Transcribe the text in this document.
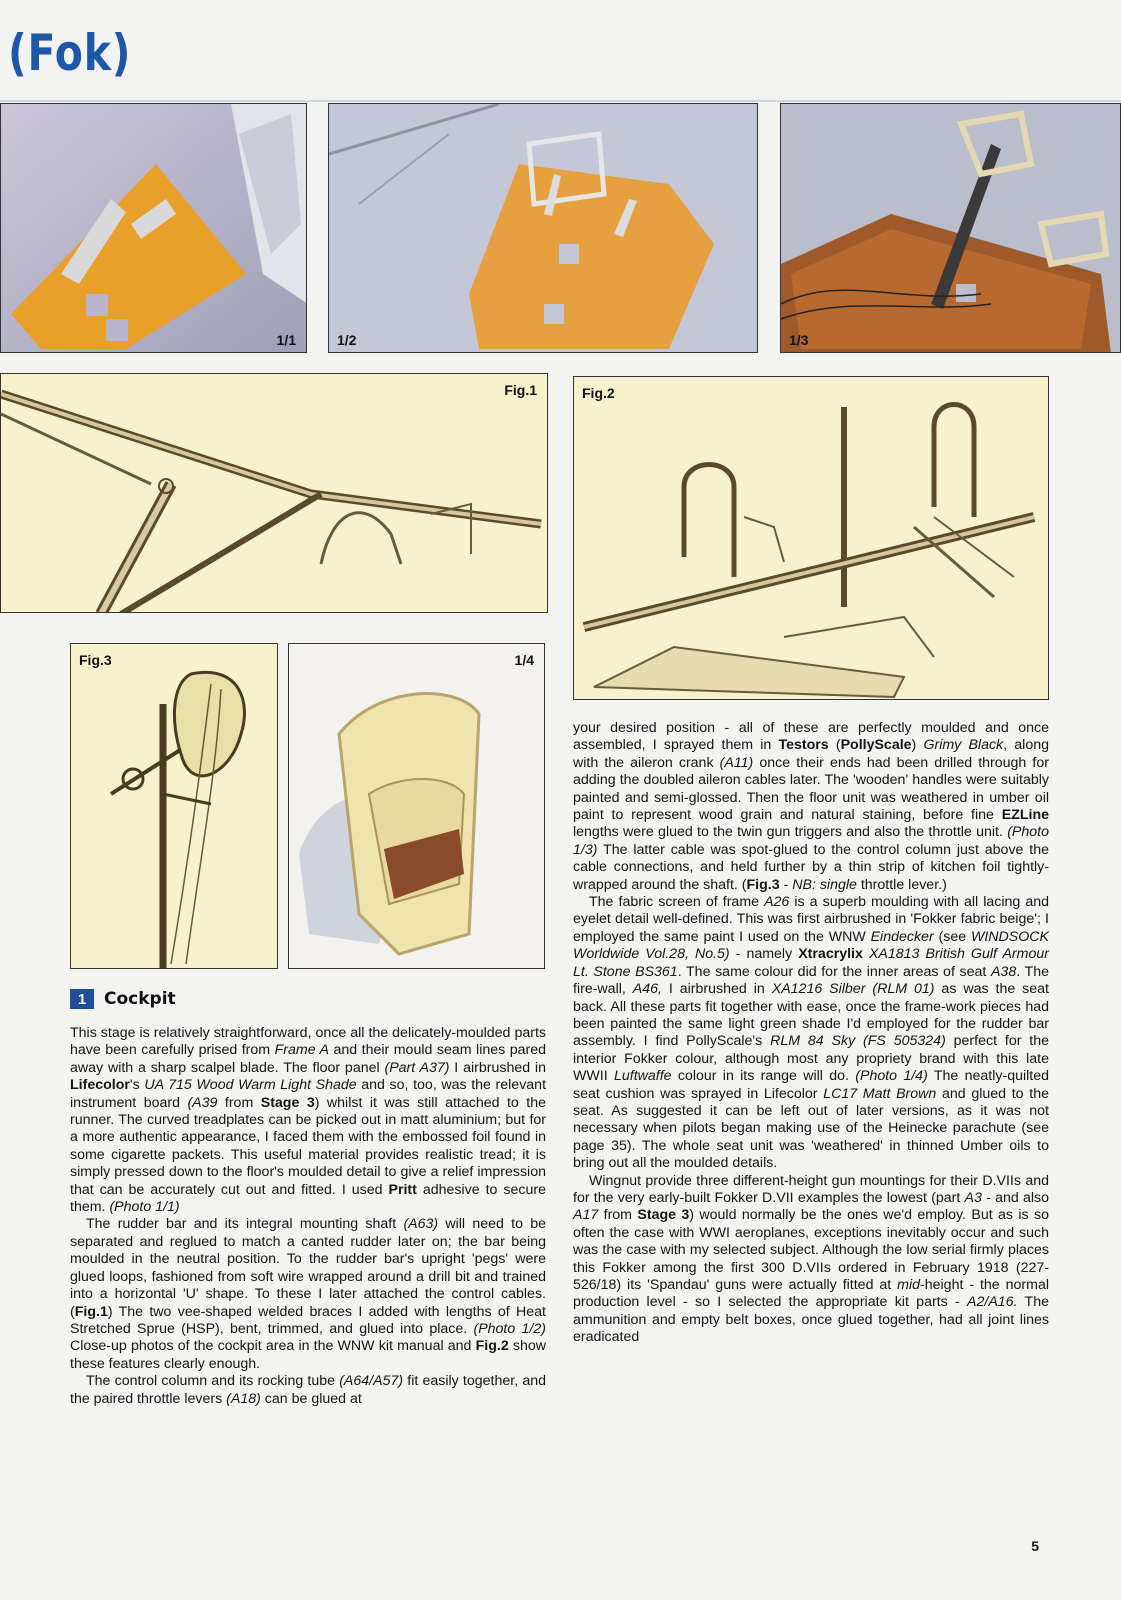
(Fok)
1/1	1/2	1/3
Fig.1	Fig.2
Fig.3	1/4
1	Cockpit

This stage is relatively straightforward, once all the delicately-moulded parts have been carefully prised from Frame A and their mould seam lines pared away with a sharp scalpel blade. The floor panel (Part A37) I airbrushed in Lifecolor's UA 715 Wood Warm Light Shade and so, too, was the relevant instrument board (A39 from Stage 3) whilst it was still attached to the runner. The curved treadplates can be picked out in matt aluminium; but for a more authentic appearance, I faced them with the embossed foil found in some cigarette packets. This useful material provides realistic tread; it is simply pressed down to the floor's moulded detail to give a relief impression that can be accurately cut out and fitted. I used Pritt adhesive to secure them. (Photo 1/1)

The rudder bar and its integral mounting shaft (A63) will need to be separated and reglued to match a canted rudder later on; the bar being moulded in the neutral position. To the rudder bar's upright 'pegs' were glued loops, fashioned from soft wire wrapped around a drill bit and trained into a horizontal 'U' shape. To these I later attached the control cables. (Fig.1) The two vee-shaped welded braces I added with lengths of Heat Stretched Sprue (HSP), bent, trimmed, and glued into place. (Photo 1/2) Close-up photos of the cockpit area in the WNW kit manual and Fig.2 show these features clearly enough.

The control column and its rocking tube (A64/A57) fit easily together, and the paired throttle levers (A18) can be glued at

your desired position - all of these are perfectly moulded and once assembled, I sprayed them in Testors (PollyScale) Grimy Black, along with the aileron crank (A11) once their ends had been drilled through for adding the doubled aileron cables later. The 'wooden' handles were suitably painted and semi-glossed. Then the floor unit was weathered in umber oil paint to represent wood grain and natural staining, before fine EZLine lengths were glued to the twin gun triggers and also the throttle unit. (Photo 1/3) The latter cable was spot-glued to the control column just above the cable connections, and held further by a thin strip of kitchen foil tightly-wrapped around the shaft. (Fig.3 - NB: single throttle lever.)

The fabric screen of frame A26 is a superb moulding with all lacing and eyelet detail well-defined. This was first airbrushed in 'Fokker fabric beige'; I employed the same paint I used on the WNW Eindecker (see WINDSOCK Worldwide Vol.28, No.5) - namely Xtracrylix XA1813 British Gulf Armour Lt. Stone BS361. The same colour did for the inner areas of seat A38. The fire-wall, A46, I airbrushed in XA1216 Silber (RLM 01) as was the seat back. All these parts fit together with ease, once the frame-work pieces had been painted the same light green shade I'd employed for the rudder bar assembly. I find PollyScale's RLM 84 Sky (FS 505324) perfect for the interior Fokker colour, although most any propriety brand with this late WWII Luftwaffe colour in its range will do. (Photo 1/4) The neatly-quilted seat cushion was sprayed in Lifecolor LC17 Matt Brown and glued to the seat. As suggested it can be left out of later versions, as it was not necessary when pilots began making use of the Heinecke parachute (see page 35). The whole seat unit was 'weathered' in thinned Umber oils to bring out all the moulded details.

Wingnut provide three different-height gun mountings for their D.VIIs and for the very early-built Fokker D.VII examples the lowest (part A3 - and also A17 from Stage 3) would normally be the ones we'd employ. But as is so often the case with WWI aeroplanes, exceptions inevitably occur and such was the case with my selected subject. Although the low serial firmly places this Fokker among the first 300 D.VIIs ordered in February 1918 (227-526/18) its 'Spandau' guns were actually fitted at mid-height - the normal production level - so I selected the appropriate kit parts - A2/A16. The ammunition and empty belt boxes, once glued together, had all joint lines eradicated

5
